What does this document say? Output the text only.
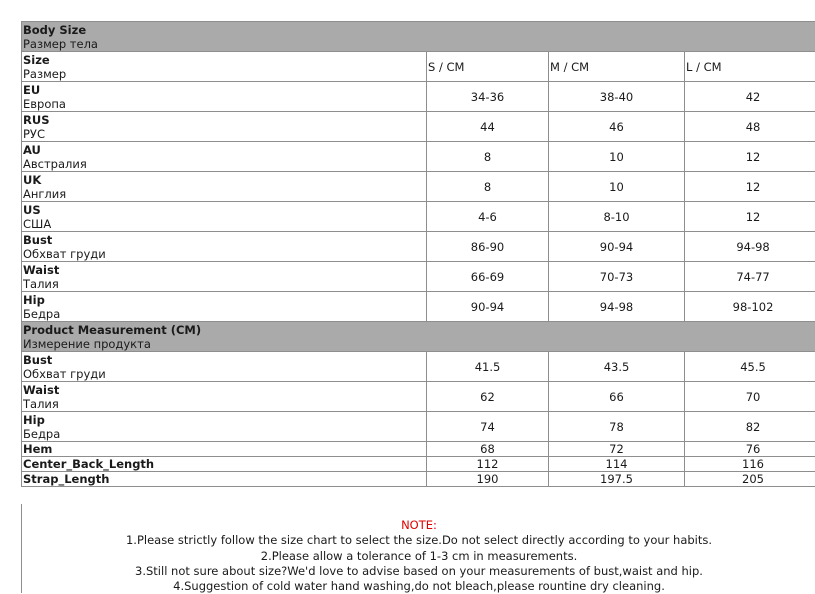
Body Size
Размер тела			

Size
Размер	S / CM	M / CM	L / CM

EU
Европа	34-36	38-40	42

RUS
РУС	44	46	48

AU
Австралия	8	10	12

UK
Англия	8	10	12

US
США	4-6	8-10	12

Bust
Обхват груди	86-90	90-94	94-98

Waist
Талия	66-69	70-73	74-77

Hip
Бедра	90-94	94-98	98-102

Product Measurement (CM)
Измерение продукта			

Bust
Обхват груди	41.5	43.5	45.5

Waist
Талия	62	66	70

Hip
Бедра	74	78	82

Hem	68	72	76

Center_Back_Length	112	114	116

Strap_Length	190	197.5	205
NOTE:
1.Please strictly follow the size chart to select the size.Do not select directly according to your habits.
2.Please allow a tolerance of 1-3 cm in measurements.
3.Still not sure about size?We'd love to advise based on your measurements of bust,waist and hip.
4.Suggestion of cold water hand washing,do not bleach,please rountine dry cleaning.
